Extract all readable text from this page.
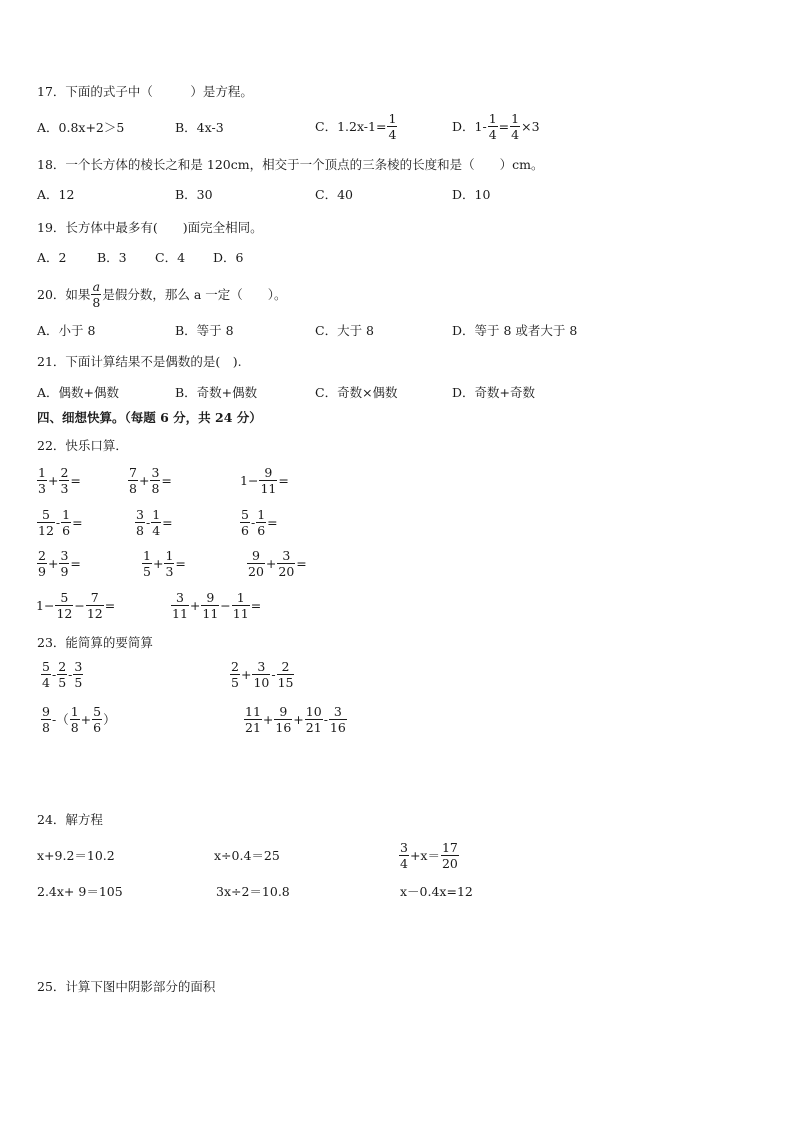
17．下面的式子中（　　　）是方程。
A．0.8x+2＞5	B．4x-3	C．$1.2x-1= \frac{1}{4}$	D．$1- \frac{1}{4} = \frac{1}{4} \times 3$
18．一个长方体的棱长之和是 120cm，相交于一个顶点的三条棱的长度和是（　　）cm。
A．12	B．30	C．40	D．10
19．长方体中最多有(　　)面完全相同。
A．2 B．3 C．4 D．6
20．如果 $\frac{a}{8}$ 是假分数，那么 a 一定（　　）。
A．小于 8	B．等于 8	C．大于 8	D．等于 8 或者大于 8
21．下面计算结果不是偶数的是(　).
A．偶数+偶数	B．奇数+偶数	C．奇数×偶数	D．奇数+奇数
四、细想快算。（每题 6 分，共 24 分）
22．快乐口算．
$\frac{1}{3} + \frac{2}{3}$ =	$\frac{7}{8} + \frac{3}{8}$ =	$1 - \frac{9}{11}$ =
$\frac{5}{12} - \frac{1}{6}$ =	$\frac{3}{8} - \frac{1}{4}$ =	$\frac{5}{6} - \frac{1}{6}$ =
$\frac{2}{9} + \frac{3}{9}$ =	$\frac{1}{5} + \frac{1}{3}$ =	$\frac{9}{20} + \frac{3}{20}$ =
$1 - \frac{5}{12} - \frac{7}{12}$ =	$\frac{3}{11} + \frac{9}{11} - \frac{1}{11}$ =
23．能简算的要简算
$\frac{5}{4} - \frac{2}{5} - \frac{3}{5}$	$\frac{2}{5} + \frac{3}{10} - \frac{2}{15}$
$\frac{9}{8}$ - （ $\frac{1}{8} + \frac{5}{6}$ ）	$\frac{11}{21} + \frac{9}{16} + \frac{10}{21} - \frac{3}{16}$
24．解方程
x+9.2＝10.2	x÷0.4＝25	$\frac{3}{4} +x= \frac{17}{20}$
2.4x+ 9＝105	3x÷2＝10.8	x－0.4x=12
25．计算下图中阴影部分的面积
